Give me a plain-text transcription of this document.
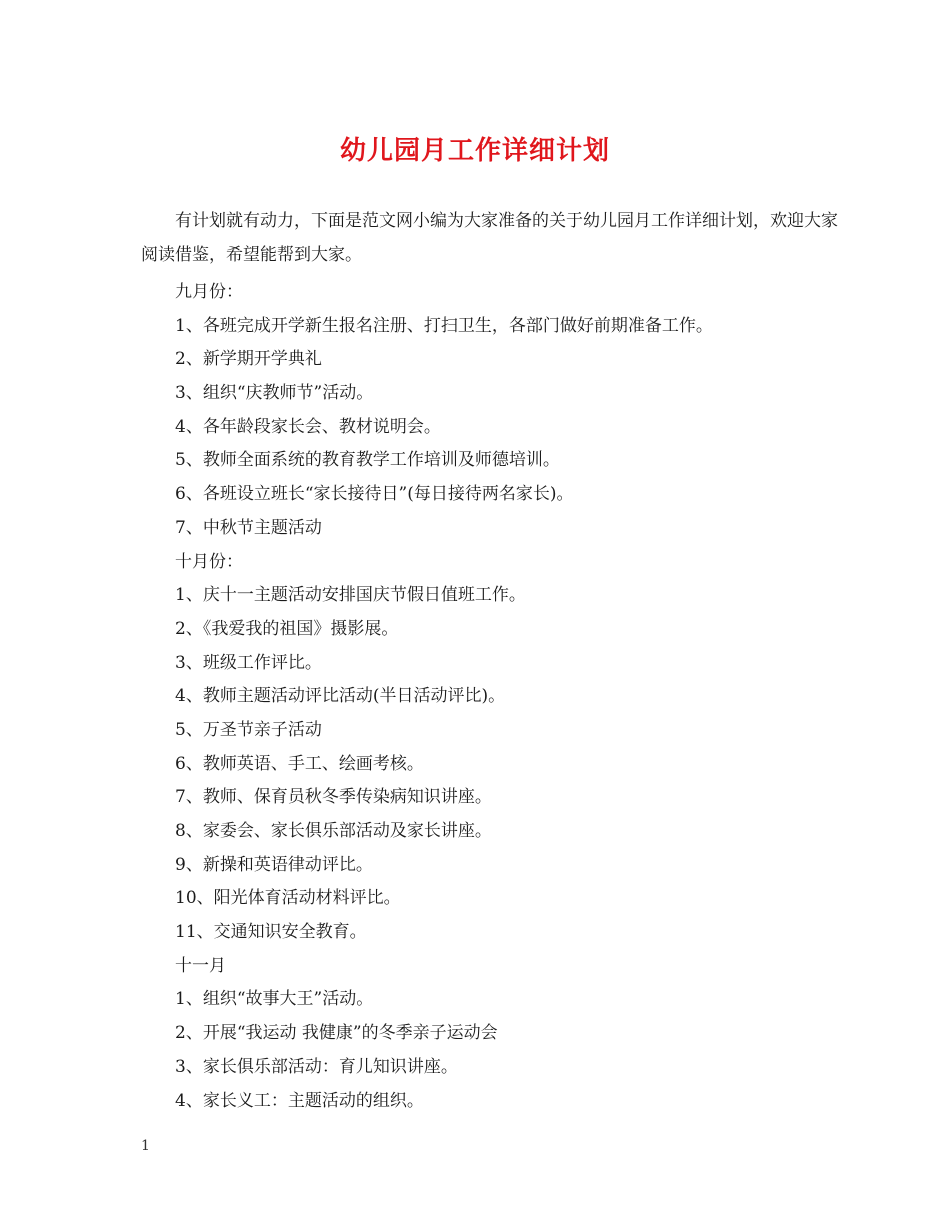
幼儿园月工作详细计划

有计划就有动力，下面是范文网小编为大家准备的关于幼儿园月工作详细计划，欢迎大家阅读借鉴，希望能帮到大家。

九月份：
1、各班完成开学新生报名注册、打扫卫生，各部门做好前期准备工作。
2、新学期开学典礼
3、组织“庆教师节”活动。
4、各年龄段家长会、教材说明会。
5、教师全面系统的教育教学工作培训及师德培训。
6、各班设立班长“家长接待日”(每日接待两名家长)。
7、中秋节主题活动
十月份：
1、庆十一主题活动安排国庆节假日值班工作。
2、《我爱我的祖国》摄影展。
3、班级工作评比。
4、教师主题活动评比活动(半日活动评比)。
5、万圣节亲子活动
6、教师英语、手工、绘画考核。
7、教师、保育员秋冬季传染病知识讲座。
8、家委会、家长俱乐部活动及家长讲座。
9、新操和英语律动评比。
10、阳光体育活动材料评比。
11、交通知识安全教育。
十一月
1、组织“故事大王”活动。
2、开展“我运动 我健康”的冬季亲子运动会
3、家长俱乐部活动：育儿知识讲座。
4、家长义工：主题活动的组织。
1
